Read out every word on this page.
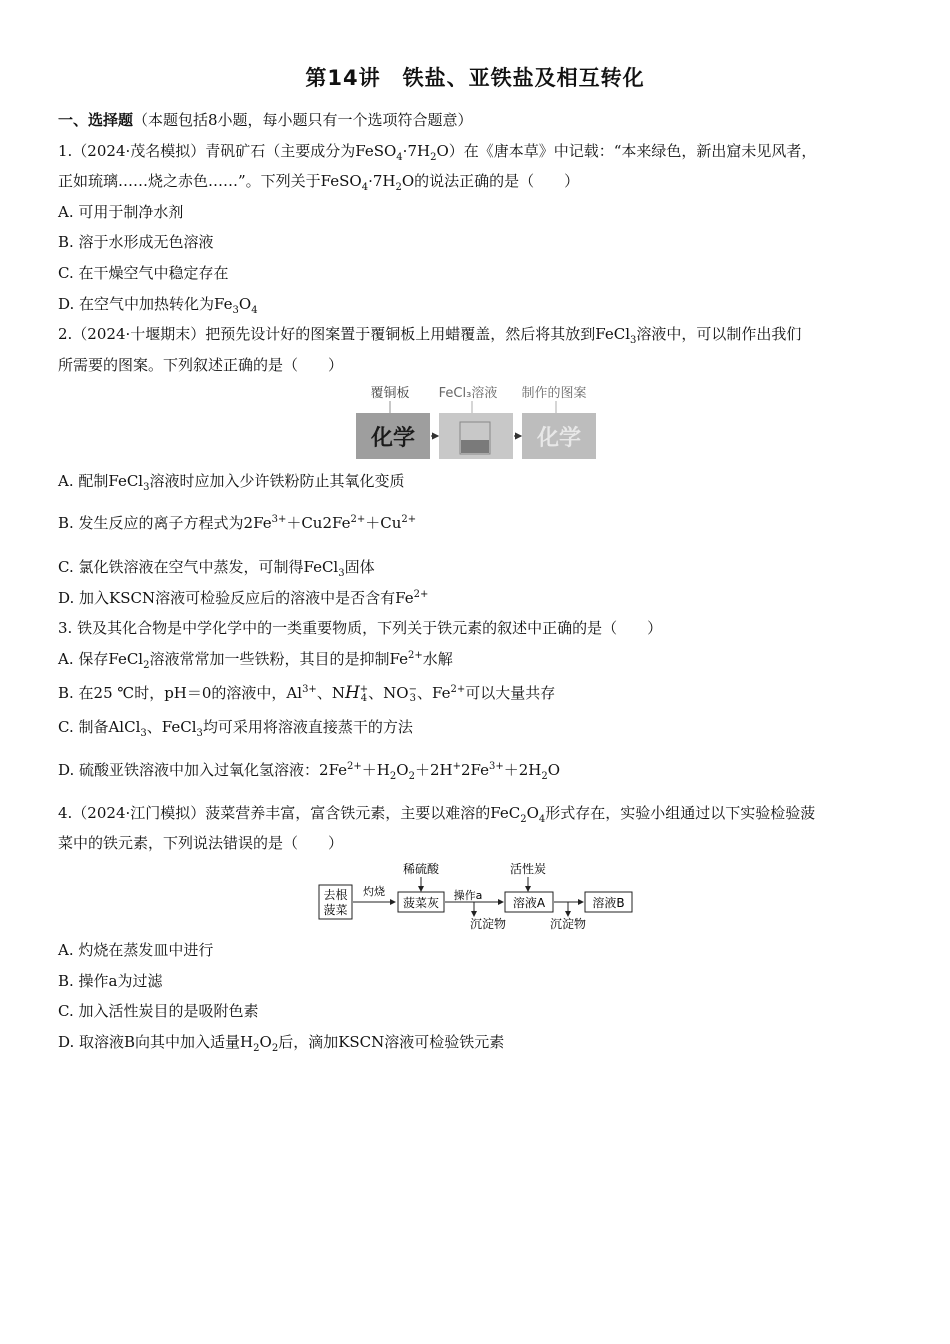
第14讲　铁盐、亚铁盐及相互转化
一、选择题（本题包括8小题，每小题只有一个选项符合题意）
1.（2024·茂名模拟）青矾矿石（主要成分为$FeSO_4\cdot 7H_2O$）在《唐本草》中记载：“本来绿色，新出窟未见风者，
正如琉璃……烧之赤色……”。下列关于$FeSO_4\cdot 7H_2O$的说法正确的是（　　）
A. 可用于制净水剂
B. 溶于水形成无色溶液
C. 在干燥空气中稳定存在
D. 在空气中加热转化为$Fe_3O_4$
2.（2024·十堰期末）把预先设计好的图案置于覆铜板上用蜡覆盖，然后将其放到FeCl$_3$溶液中，可以制作出我们
所需要的图案。下列叙述正确的是（　　）
覆铜板 FeCl₃溶液 制作的图案
化学	化学
A. 配制FeCl$_3$溶液时应加入少许铁粉防止其氧化变质
B. 发生反应的离子方程式为$2Fe^{3+}+Cu2Fe^{2+}+Cu^{2+}$
C. 氯化铁溶液在空气中蒸发，可制得FeCl$_3$固体
D. 加入KSCN溶液可检验反应后的溶液中是否含有$Fe^{2+}$
3. 铁及其化合物是中学化学中的一类重要物质，下列关于铁元素的叙述中正确的是（　　）
A. 保存FeCl$_2$溶液常常加一些铁粉，其目的是抑制$Fe^{2+}$水解
B. 在25 ℃时，pH＝0的溶液中，$Al^{3+}$、NH +
4 、NO −
3 、$Fe^{2+}$可以大量共存
C. 制备AlCl$_3$、FeCl$_3$均可采用将溶液直接蒸干的方法
D. 硫酸亚铁溶液中加入过氧化氢溶液：$2Fe^{2+}+H_2O_2+2H^+2Fe^{3+}+2H_2O$
4.（2024·江门模拟）菠菜营养丰富，富含铁元素，主要以难溶的$FeC_2O_4$形式存在，实验小组通过以下实验检验菠
菜中的铁元素，下列说法错误的是（　　）
去根
菠菜
灼烧
稀硫酸
菠菜灰
操作a
沉淀物
活性炭
溶液A
沉淀物
溶液B
A. 灼烧在蒸发皿中进行
B. 操作a为过滤
C. 加入活性炭目的是吸附色素
D. 取溶液B向其中加入适量$H_2O_2$后，滴加KSCN溶液可检验铁元素
